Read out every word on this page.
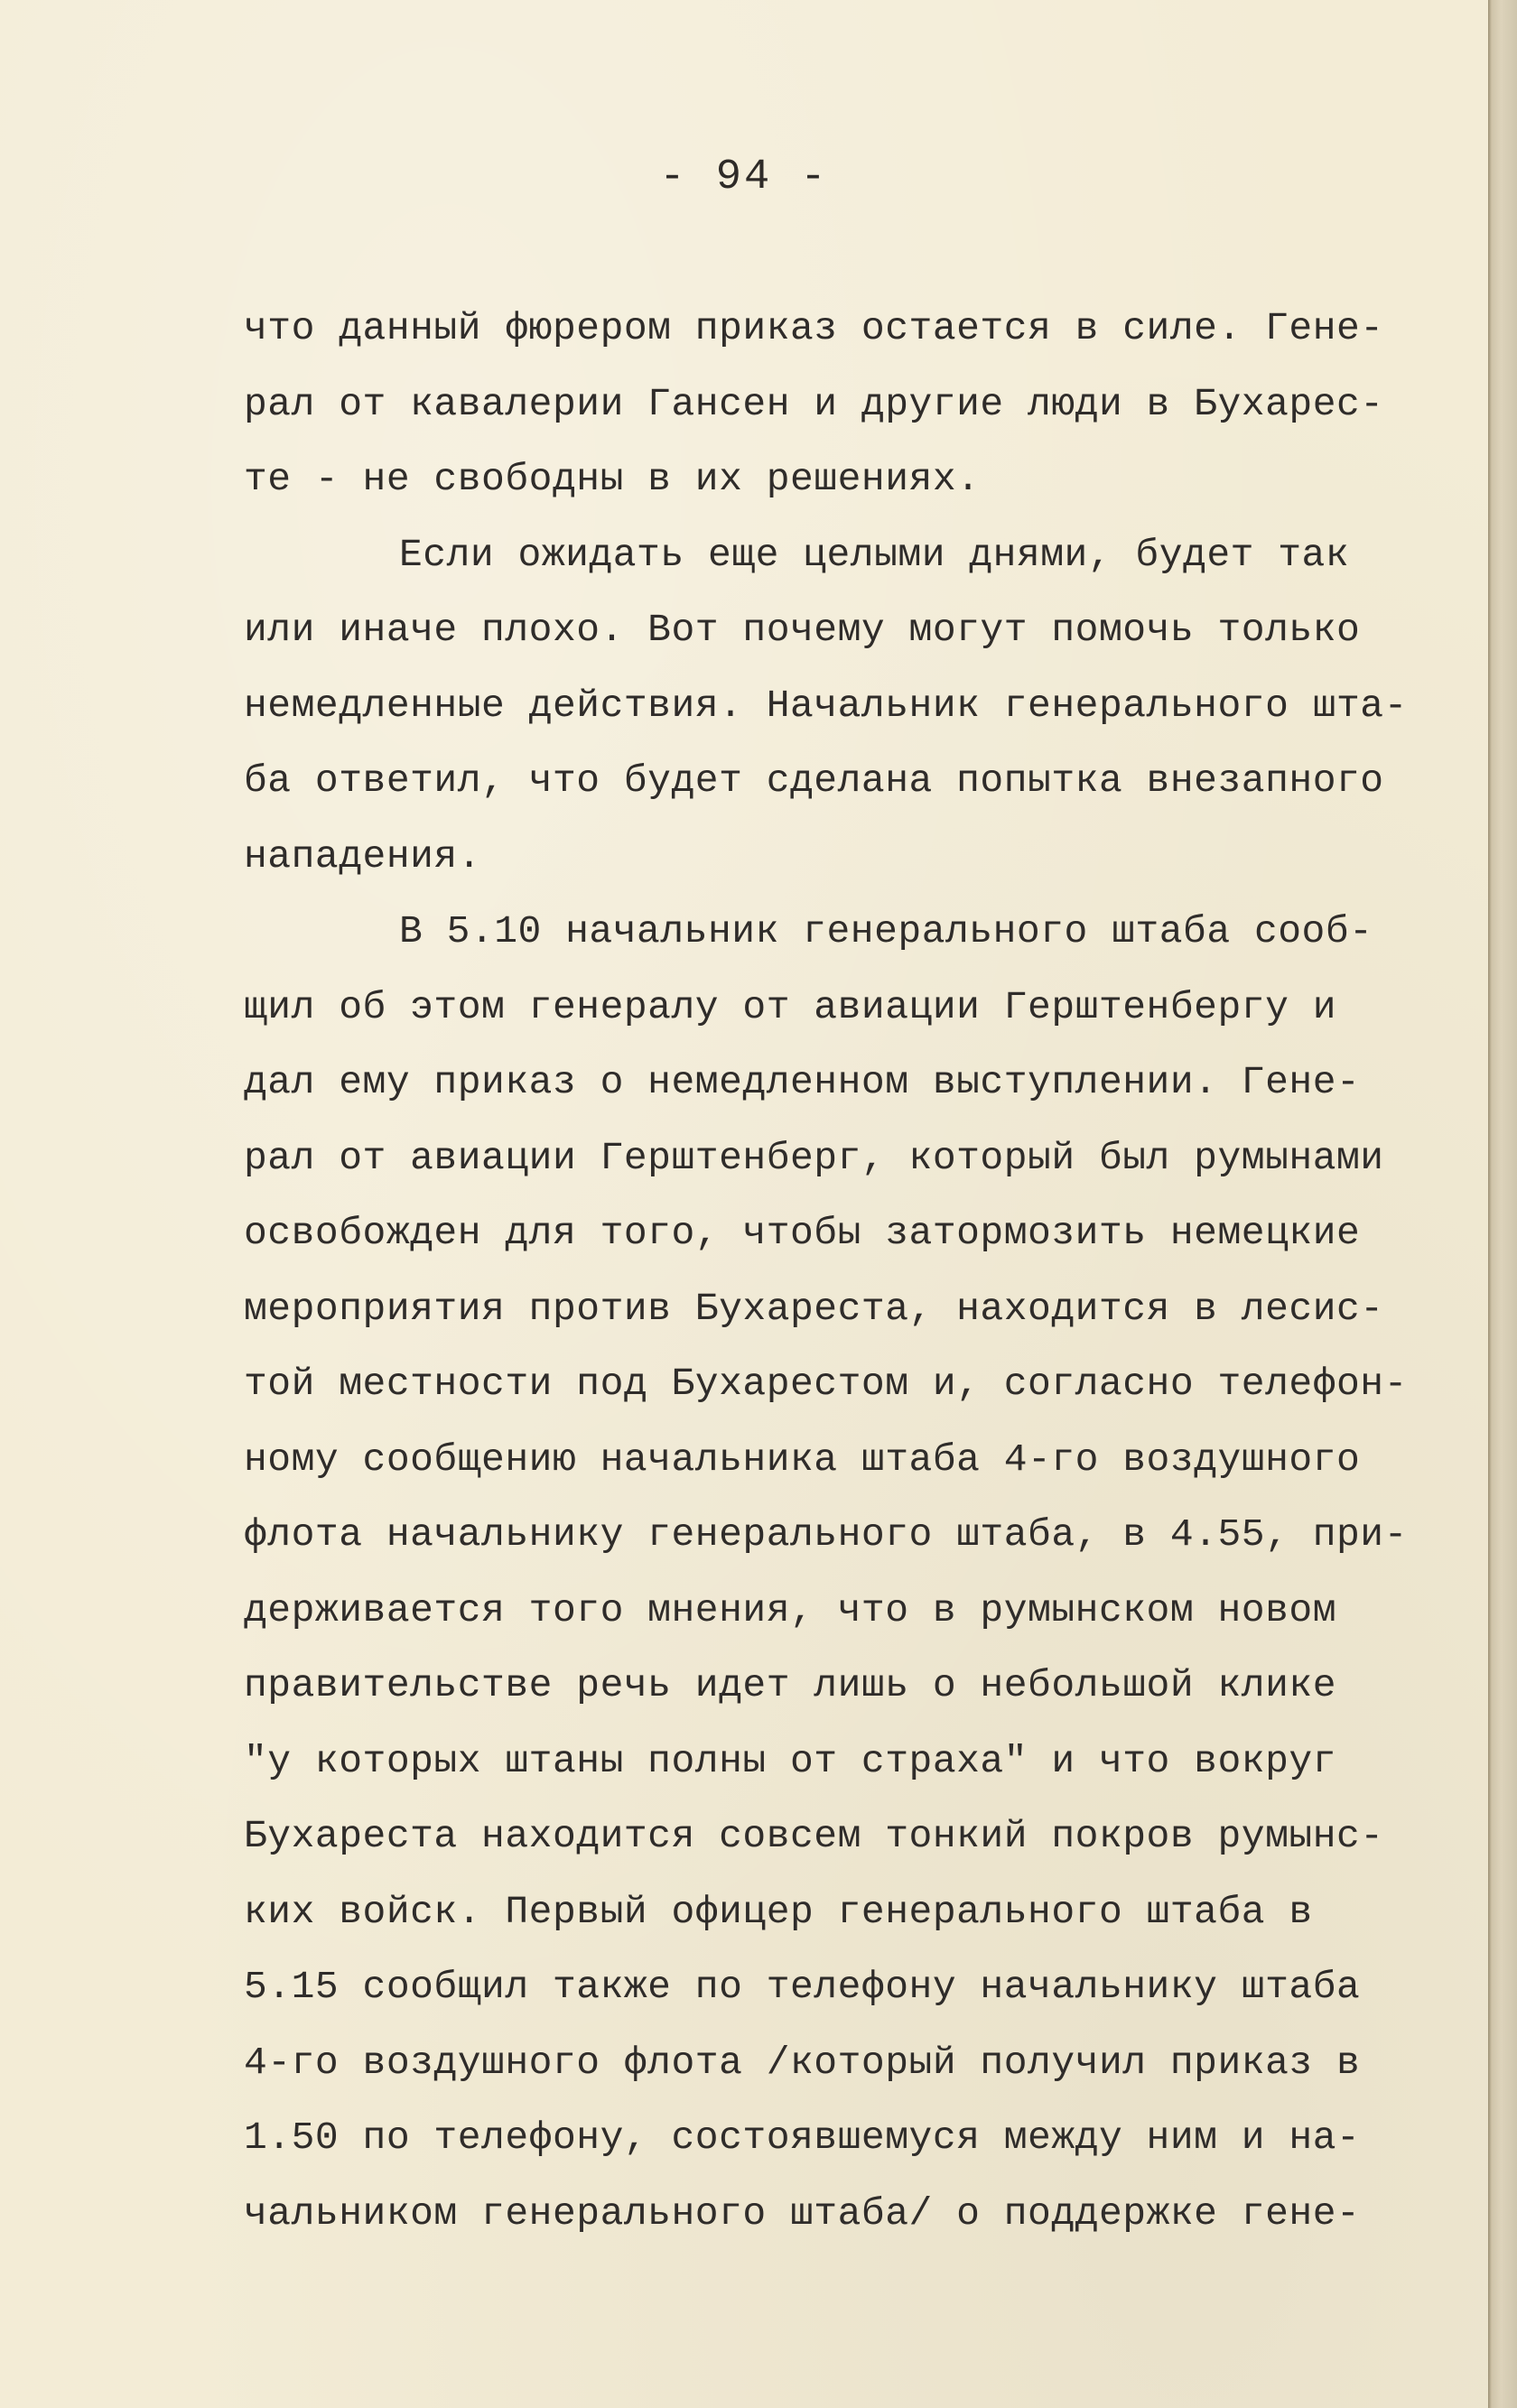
- 94 -
что данный фюрером приказ остается в силе. Гене-
рал от кавалерии Гансен и другие люди в Бухарес-
те - не свободны в их решениях.
Если ожидать еще целыми днями, будет так
или иначе плохо. Вот почему могут помочь только
немедленные действия. Начальник генерального шта-
ба ответил, что будет сделана попытка внезапного
нападения.
В 5.10 начальник генерального штаба сооб-
щил об этом генералу от авиации Герштенбергу и
дал ему приказ о немедленном выступлении. Гене-
рал от авиации Герштенберг, который был румынами
освобожден для того, чтобы затормозить немецкие
мероприятия против Бухареста, находится в лесис-
той местности под Бухарестом и, согласно телефон-
ному сообщению начальника штаба 4-го воздушного
флота начальнику генерального штаба, в 4.55, при-
держивается того мнения, что в румынском новом
правительстве речь идет лишь о небольшой клике
"у которых штаны полны от страха" и что вокруг
Бухареста находится совсем тонкий покров румынс-
ких войск. Первый офицер генерального штаба в
5.15 сообщил также по телефону начальнику штаба
4-го воздушного флота /который получил приказ в
1.50 по телефону, состоявшемуся между ним и на-
чальником генерального штаба/ о поддержке гене-
